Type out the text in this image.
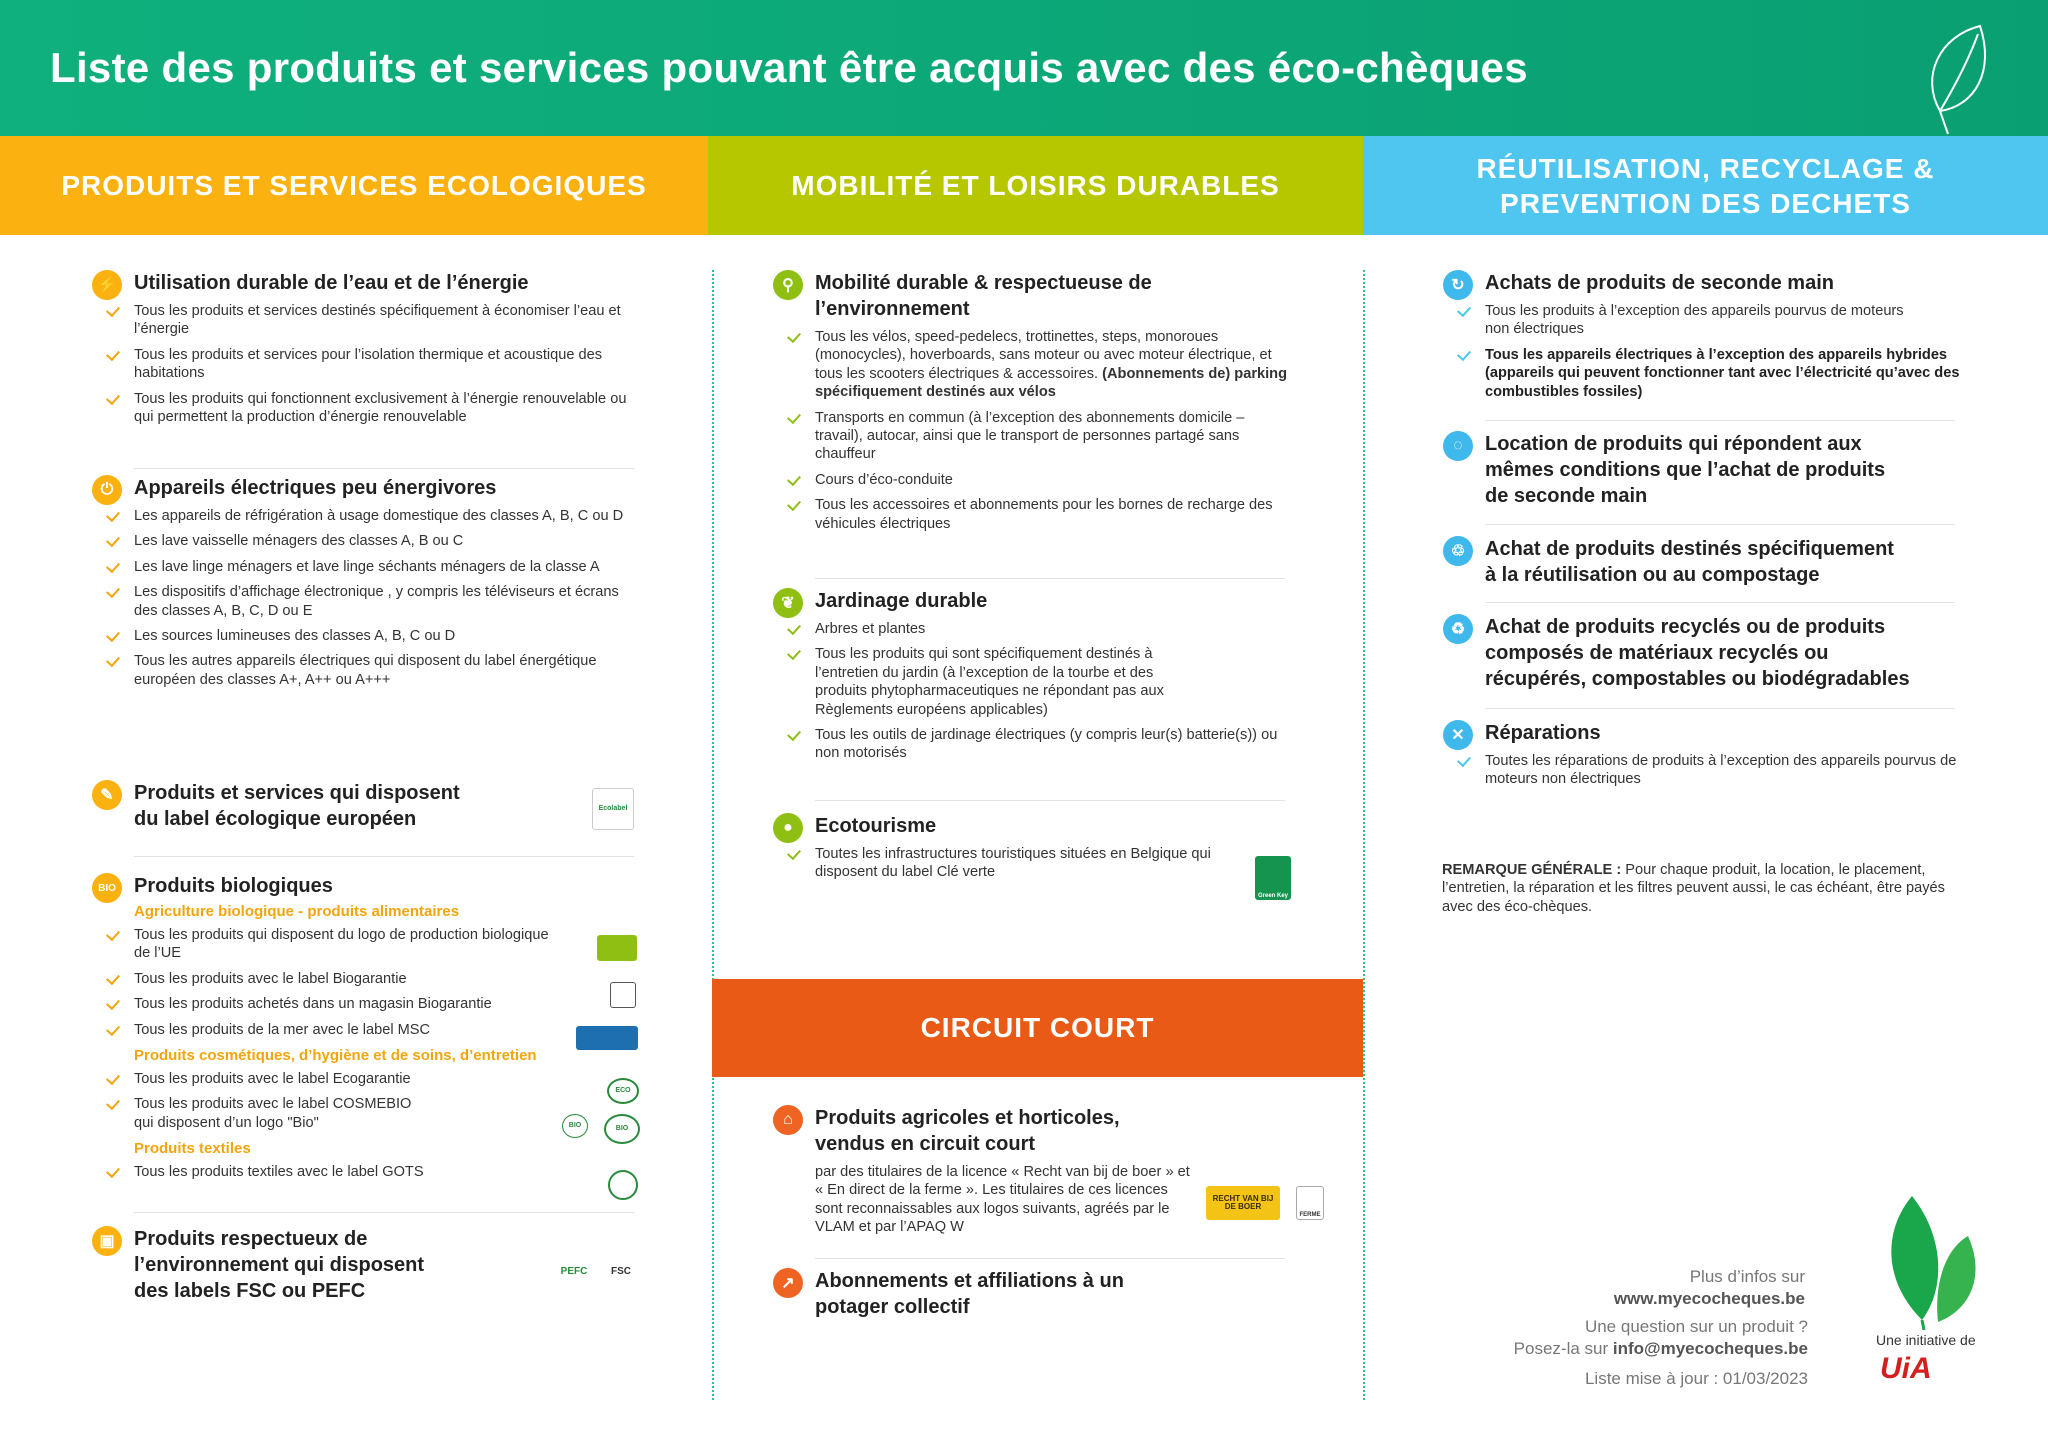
Liste des produits et services pouvant être acquis avec des éco-chèques
PRODUITS ET SERVICES ECOLOGIQUES	MOBILITÉ ET LOISIRS DURABLES
RÉUTILISATION, RECYCLAGE &
PREVENTION DES DECHETS
⚡ Utilisation durable de l’eau et de l’énergie
Tous les produits et services destinés spécifiquement à économiser l’eau et l’énergie
Tous les produits et services pour l’isolation thermique et acoustique des habitations
Tous les produits qui fonctionnent exclusivement à l’énergie renouvelable ou qui permettent la production d’énergie renouvelable
⏻	Appareils électriques peu énergivores
Les appareils de réfrigération à usage domestique des classes A, B, C ou D
Les lave vaisselle ménagers des classes A, B ou C
Les lave linge ménagers et lave linge séchants ménagers de la classe A
Les dispositifs d’affichage électronique , y compris les téléviseurs et écrans des classes A, B, C, D ou E
Les sources lumineuses des classes A, B, C ou D
Tous les autres appareils électriques qui disposent du label énergétique européen des classes A+, A++ ou A+++
✎	Produits et services qui disposent
du label écologique européen	Ecolabel
BIO Produits biologiques
Agriculture biologique - produits alimentaires
Tous les produits qui disposent du logo de production biologique de l’UE
Tous les produits avec le label Biogarantie
Tous les produits achetés dans un magasin Biogarantie
Tous les produits de la mer avec le label MSC
Produits cosmétiques, d’hygiène et de soins, d’entretien
Tous les produits avec le label Ecogarantie
Tous les produits avec le label COSMEBIO qui disposent d’un logo "Bio"
Produits textiles
Tous les produits textiles avec le label GOTS
ECO
BIO	BIO
▣ Produits respectueux de
l’environnement qui disposent
des labels FSC ou PEFC
PEFC FSC
⚲	Mobilité durable & respectueuse de
l’environnement
Tous les vélos, speed-pedelecs, trottinettes, steps, monoroues (monocycles), hoverboards, sans moteur ou avec moteur électrique, et tous les scooters électriques & accessoires. (Abonnements de) parking spécifiquement destinés aux vélos
Transports en commun (à l’exception des abonnements domicile – travail), autocar, ainsi que le transport de personnes partagé sans chauffeur
Cours d’éco-conduite
Tous les accessoires et abonnements pour les bornes de recharge des véhicules électriques
❦	Jardinage durable
Arbres et plantes
Tous les produits qui sont spécifiquement destinés à l’entretien du jardin (à l’exception de la tourbe et des produits phytopharmaceutiques ne répondant pas aux Règlements européens applicables)
Tous les outils de jardinage électriques (y compris leur(s) batterie(s)) ou non motorisés
●	Ecotourisme
Toutes les infrastructures touristiques situées en Belgique qui disposent du label Clé verte
Green Key
CIRCUIT COURT
⌂	Produits agricoles et horticoles,
vendus en circuit court
par des titulaires de la licence « Recht van bij de boer » et « En direct de la ferme ». Les titulaires de ces licences sont reconnaissables aux logos suivants, agréés par le VLAM et par l’APAQ W
RECHT VAN BIJ DE BOER
FERME
↗	Abonnements et affiliations à un
potager collectif
↻	Achats de produits de seconde main
Tous les produits à l’exception des appareils pourvus de moteurs non électriques
Tous les appareils électriques à l’exception des appareils hybrides (appareils qui peuvent fonctionner tant avec l’électricité qu’avec des combustibles fossiles)
◌	Location de produits qui répondent aux
mêmes conditions que l’achat de produits
de seconde main
♲ Achat de produits destinés spécifiquement
à la réutilisation ou au compostage
♻ Achat de produits recyclés ou de produits
composés de matériaux recyclés ou
récupérés, compostables ou biodégradables
✕	Réparations
Toutes les réparations de produits à l’exception des appareils pourvus de moteurs non électriques
REMARQUE GÉNÉRALE : Pour chaque produit, la location, le placement, l’entretien, la réparation et les filtres peuvent aussi, le cas échéant, être payés avec des éco-chèques.
Plus d’infos sur
www.myecocheques.be
Une question sur un produit ?
Posez-la sur info@myecocheques.be
Liste mise à jour : 01/03/2023
Une initiative de
UiA
